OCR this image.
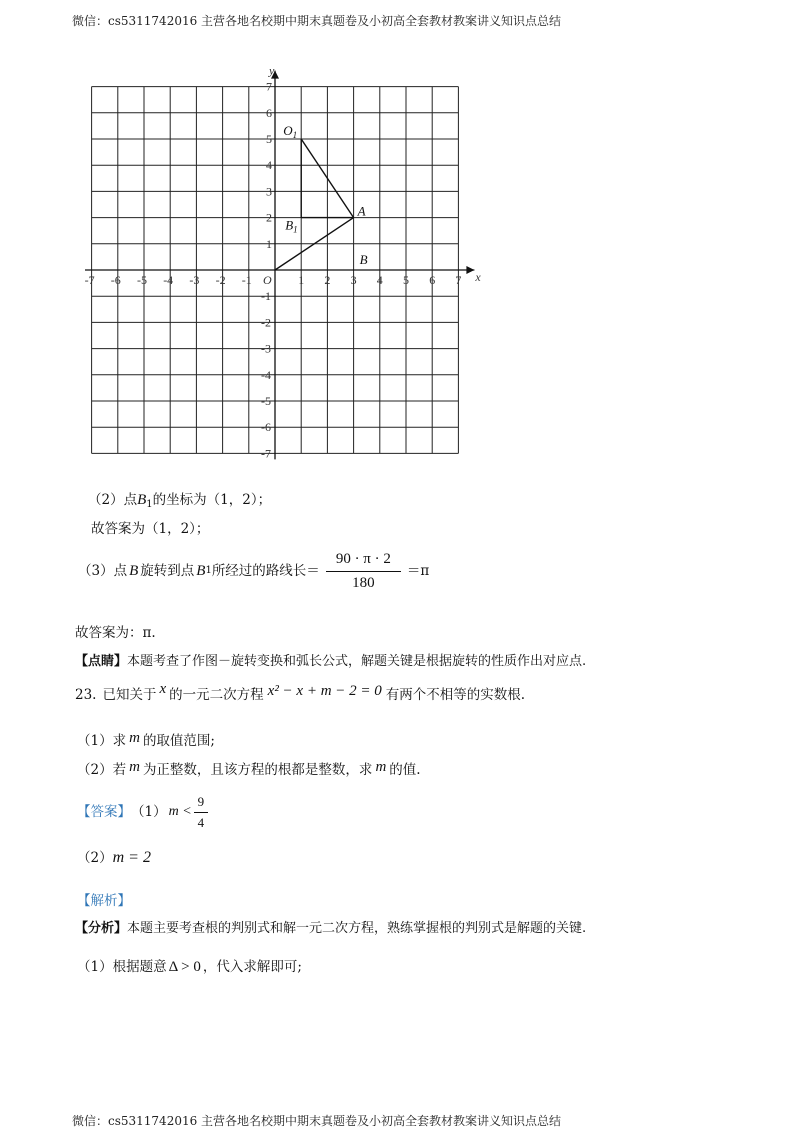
微信：cs5311742016 主营各地名校期中期末真题卷及小初高全套教材教案讲义知识点总结
x
y
-7 -6 -5 -4 -3 -2 -1	1 2 3 4 5 6 7
7
6
5
4
3
2
1
-1
-2
-3
-4
-5
-6
-7
O
$O_1$
A
$B_1$
B
（2）点$B_1$的坐标为（1，2）；
故答案为（1，2）；
（3）点 B 旋转到点 B 1 所经过的路线长＝ $\frac{90 \cdot \pi \cdot 2}{180} =\pi$
故答案为：π.
【点睛】本题考查了作图－旋转变换和弧长公式，解题关键是根据旋转的性质作出对应点.
23. 已知关于 x 的一元二次方程 x² − x + m − 2 = 0 有两个不相等的实数根.
（1）求 m 的取值范围;
（2）若 m 为正整数，且该方程的根都是整数，求 m 的值.
【答案】 （1） $m < \frac{9}{4}$
（2）m = 2
【解析】
【分析】本题主要考查根的判别式和解一元二次方程，熟练掌握根的判别式是解题的关键.
（1）根据题意 Δ > 0 ，代入求解即可;
微信：cs5311742016 主营各地名校期中期末真题卷及小初高全套教材教案讲义知识点总结
